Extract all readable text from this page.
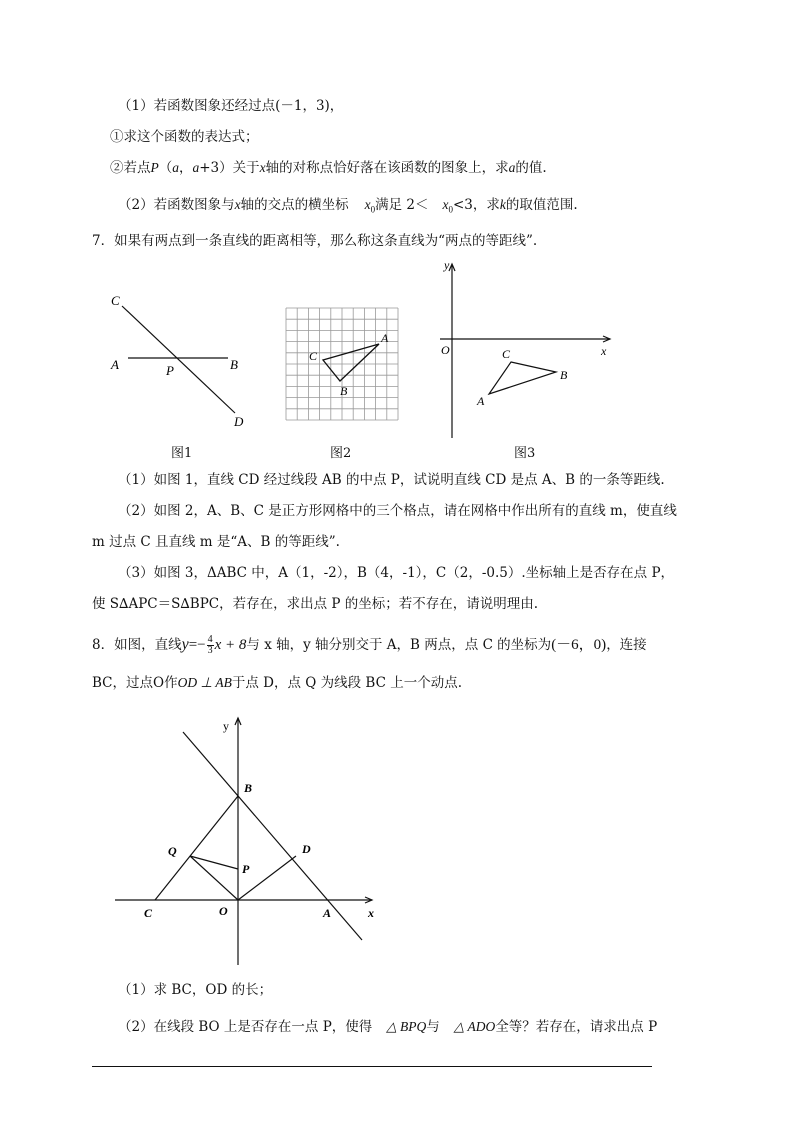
（1）若函数图象还经过点(－1，3)，
①求这个函数的表达式；
②若点P（a，a+3）关于x轴的对称点恰好落在该函数的图象上，求a的值.
（2）若函数图象与x轴的交点的横坐标 $x_0$满足 $2< x_0<3$，求k的取值范围.
7．如果有两点到一条直线的距离相等，那么称这条直线为“两点的等距线”.
C
A	P	B
D
图1
A
C
B
图2
y
O	x
C
B
A
图3
（1）如图 1，直线 CD 经过线段 AB 的中点 P，试说明直线 CD 是点 A、B 的一条等距线.
（2）如图 2，A、B、C 是正方形网格中的三个格点，请在网格中作出所有的直线 m，使直线
m 过点 C 且直线 m 是“A、B 的等距线”.
（3）如图 3，ΔABC 中，A（1，-2），B（4，-1），C（2，-0.5）.坐标轴上是否存在点 P，
使 S∆APC＝S∆BPC，若存在，求出点 P 的坐标；若不存在，请说明理由.
8．如图，直线$y=- \frac{4}{3}$ x + 8与 x 轴，y 轴分别交于 A，B 两点，点 C 的坐标为(－6，0)，连接
BC，过点O作OD ⊥ AB于点 D，点 Q 为线段 BC 上一个动点.
y
B
Q	D
P
C	O	A	x
（1）求 BC，OD 的长；
（2）在线段 BO 上是否存在一点 P，使得 △ BPQ与 △ ADO全等？若存在，请求出点 P
